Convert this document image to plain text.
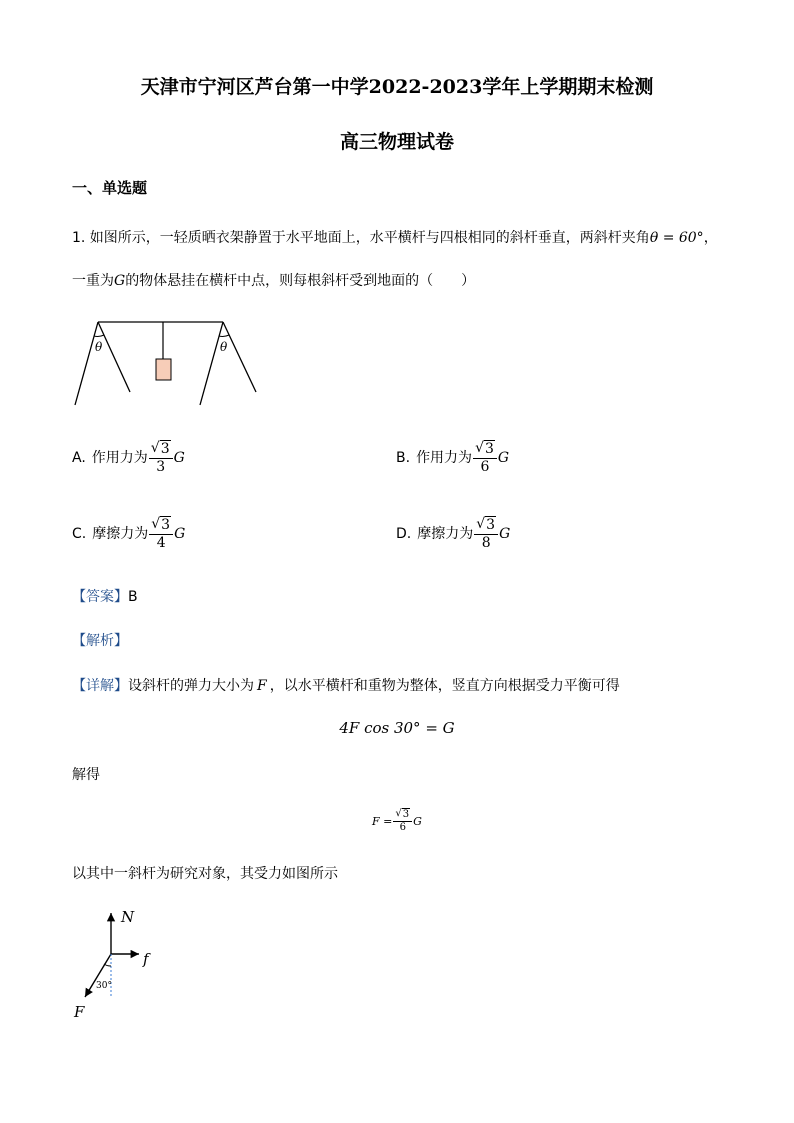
天津市宁河区芦台第一中学2022-2023学年上学期期末检测
高三物理试卷
一、单选题
1. 如图所示，一轻质晒衣架静置于水平地面上，水平横杆与四根相同的斜杆垂直，两斜杆夹角θ = 60°，
一重为G的物体悬挂在横杆中点，则每根斜杆受到地面的（　　）
θ	θ
A. 作用力为 $\frac{√ 3}{3}$ G	B. 作用力为 $\frac{√ 3}{6}$ G
C. 摩擦力为 $\frac{√ 3}{4}$ G	D. 摩擦力为 $\frac{√ 3}{8}$ G
【答案】B
【解析】
【详解】设斜杆的弹力大小为 F ，以水平横杆和重物为整体，竖直方向根据受力平衡可得
4F cos 30° = G
解得
$F = \frac{√ 3}{6}$ G
以其中一斜杆为研究对象，其受力如图所示
N
f
F
30°
